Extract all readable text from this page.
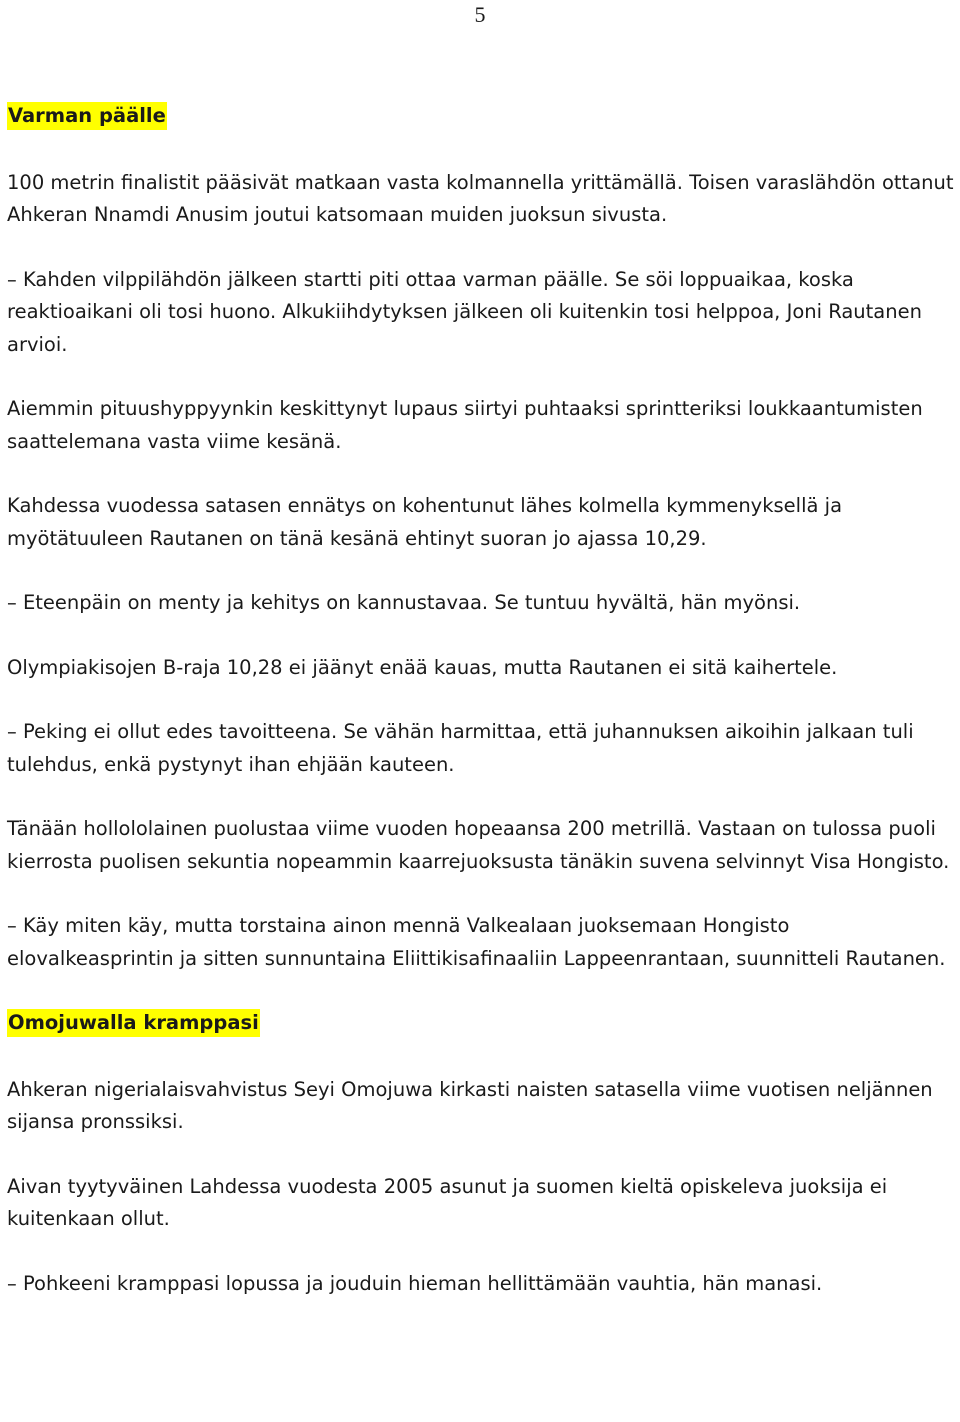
5
Varman päälle

100 metrin finalistit pääsivät matkaan vasta kolmannella yrittämällä. Toisen varaslähdön ottanut Ahkeran Nnamdi Anusim joutui katsomaan muiden juoksun sivusta.

– Kahden vilppilähdön jälkeen startti piti ottaa varman päälle. Se söi loppuaikaa, koska reaktioaikani oli tosi huono. Alkukiihdytyksen jälkeen oli kuitenkin tosi helppoa, Joni Rautanen arvioi.

Aiemmin pituushyppyynkin keskittynyt lupaus siirtyi puhtaaksi sprintteriksi loukkaantumisten saattelemana vasta viime kesänä.

Kahdessa vuodessa satasen ennätys on kohentunut lähes kolmella kymmenyksellä ja myötätuuleen Rautanen on tänä kesänä ehtinyt suoran jo ajassa 10,29.

– Eteenpäin on menty ja kehitys on kannustavaa. Se tuntuu hyvältä, hän myönsi.

Olympiakisojen B-raja 10,28 ei jäänyt enää kauas, mutta Rautanen ei sitä kaihertele.

– Peking ei ollut edes tavoitteena. Se vähän harmittaa, että juhannuksen aikoihin jalkaan tuli tulehdus, enkä pystynyt ihan ehjään kauteen.

Tänään hollololainen puolustaa viime vuoden hopeaansa 200 metrillä. Vastaan on tulossa puoli kierrosta puolisen sekuntia nopeammin kaarrejuoksusta tänäkin suvena selvinnyt Visa Hongisto.

– Käy miten käy, mutta torstaina ainon mennä Valkealaan juoksemaan Hongisto elovalkeasprintin ja sitten sunnuntaina Eliittikisafinaaliin Lappeenrantaan, suunnitteli Rautanen.

Omojuwalla kramppasi

Ahkeran nigerialaisvahvistus Seyi Omojuwa kirkasti naisten satasella viime vuotisen neljännen sijansa pronssiksi.

Aivan tyytyväinen Lahdessa vuodesta 2005 asunut ja suomen kieltä opiskeleva juoksija ei kuitenkaan ollut.

– Pohkeeni kramppasi lopussa ja jouduin hieman hellittämään vauhtia, hän manasi.
